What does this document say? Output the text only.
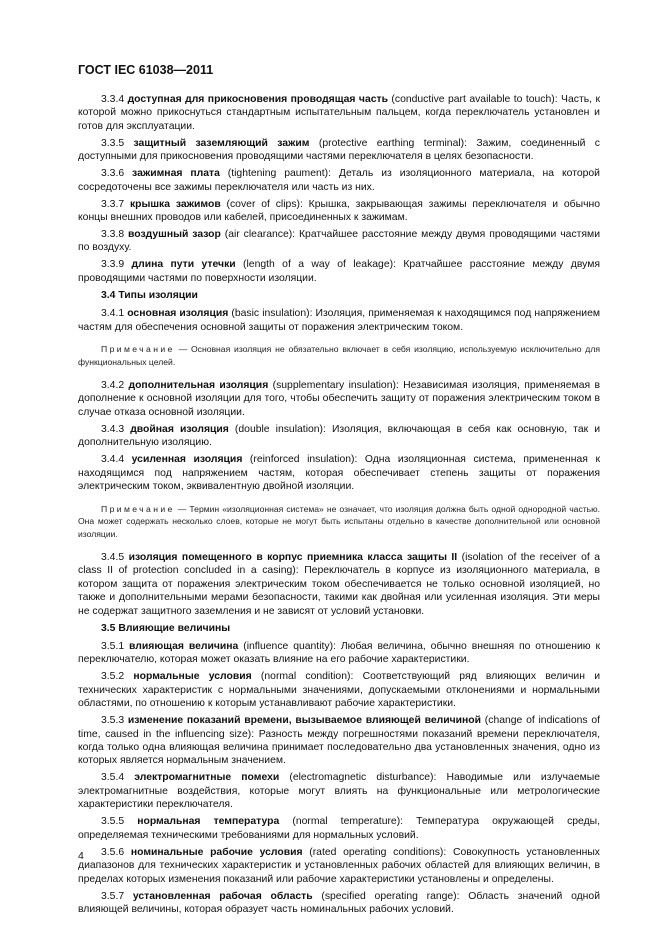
ГОСТ IEC 61038—2011

3.3.4 доступная для прикосновения проводящая часть (conductive part available to touch): Часть, к которой можно прикоснуться стандартным испытательным пальцем, когда переключатель установлен и готов для эксплуатации.

3.3.5 защитный заземляющий зажим (protective earthing terminal): Зажим, соединенный с доступными для прикосновения проводящими частями переключателя в целях безопасности.

3.3.6 зажимная плата (tightening paument): Деталь из изоляционного материала, на которой сосредоточены все зажимы переключателя или часть из них.

3.3.7 крышка зажимов (cover of clips): Крышка, закрывающая зажимы переключателя и обычно концы внешних проводов или кабелей, присоединенных к зажимам.

3.3.8 воздушный зазор (air clearance): Кратчайшее расстояние между двумя проводящими частями по воздуху.

3.3.9 длина пути утечки (length of a way of leakage): Кратчайшее расстояние между двумя проводящими частями по поверхности изоляции.

3.4 Типы изоляции

3.4.1 основная изоляция (basic insulation): Изоляция, применяемая к находящимся под напряжением частям для обеспечения основной защиты от поражения электрическим током.

Примечание — Основная изоляция не обязательно включает в себя изоляцию, используемую исключительно для функциональных целей.

3.4.2 дополнительная изоляция (supplementary insulation): Независимая изоляция, применяемая в дополнение к основной изоляции для того, чтобы обеспечить защиту от поражения электрическим током в случае отказа основной изоляции.

3.4.3 двойная изоляция (double insulation): Изоляция, включающая в себя как основную, так и дополнительную изоляцию.

3.4.4 усиленная изоляция (reinforced insulation): Одна изоляционная система, примененная к находящимся под напряжением частям, которая обеспечивает степень защиты от поражения электрическим током, эквивалентную двойной изоляции.

Примечание — Термин «изоляционная система» не означает, что изоляция должна быть одной однородной частью. Она может содержать несколько слоев, которые не могут быть испытаны отдельно в качестве дополнительной или основной изоляции.

3.4.5 изоляция помещенного в корпус приемника класса защиты II (isolation of the receiver of a class II of protection concluded in a casing): Переключатель в корпусе из изоляционного материала, в котором защита от поражения электрическим током обеспечивается не только основной изоляцией, но также и дополнительными мерами безопасности, такими как двойная или усиленная изоляция. Эти меры не содержат защитного заземления и не зависят от условий установки.

3.5 Влияющие величины

3.5.1 влияющая величина (influence quantity): Любая величина, обычно внешняя по отношению к переключателю, которая может оказать влияние на его рабочие характеристики.

3.5.2 нормальные условия (normal condition): Соответствующий ряд влияющих величин и технических характеристик с нормальными значениями, допускаемыми отклонениями и нормальными областями, по отношению к которым устанавливают рабочие характеристики.

3.5.3 изменение показаний времени, вызываемое влияющей величиной (change of indications of time, caused in the influencing size): Разность между погрешностями показаний времени переключателя, когда только одна влияющая величина принимает последовательно два установленных значения, одно из которых является нормальным значением.

3.5.4 электромагнитные помехи (electromagnetic disturbance): Наводимые или излучаемые электромагнитные воздействия, которые могут влиять на функциональные или метрологические характеристики переключателя.

3.5.5 нормальная температура (normal temperature): Температура окружающей среды, определяемая техническими требованиями для нормальных условий.

3.5.6 номинальные рабочие условия (rated operating conditions): Совокупность установленных диапазонов для технических характеристик и установленных рабочих областей для влияющих величин, в пределах которых изменения показаний или рабочие характеристики установлены и определены.

3.5.7 установленная рабочая область (specified operating range): Область значений одной влияющей величины, которая образует часть номинальных рабочих условий.

4
